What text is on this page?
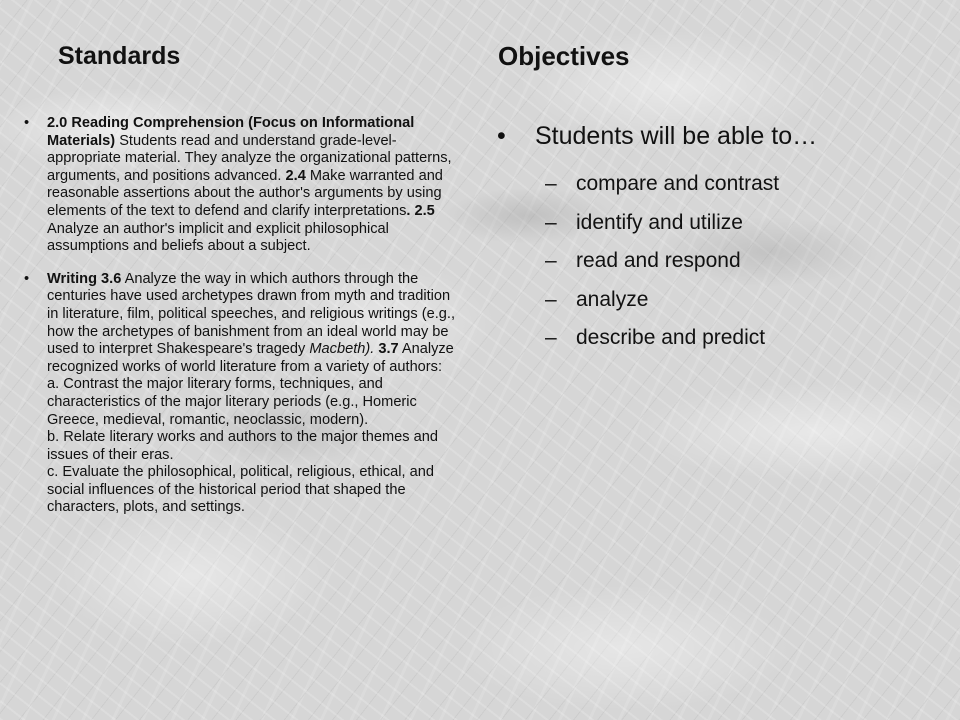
Standards
• 2.0 Reading Comprehension (Focus on Informational Materials) Students read and understand grade-level-appropriate material. They analyze the organizational patterns, arguments, and positions advanced. 2.4 Make warranted and reasonable assertions about the author's arguments by using elements of the text to defend and clarify interpretations. 2.5 Analyze an author's implicit and explicit philosophical assumptions and beliefs about a subject.
• Writing 3.6 Analyze the way in which authors through the centuries have used archetypes drawn from myth and tradition in literature, film, political speeches, and religious writings (e.g., how the archetypes of banishment from an ideal world may be used to interpret Shakespeare's tragedy Macbeth). 3.7 Analyze recognized works of world literature from a variety of authors:
a. Contrast the major literary forms, techniques, and characteristics of the major literary periods (e.g., Homeric Greece, medieval, romantic, neoclassic, modern).
b. Relate literary works and authors to the major themes and issues of their eras.
c. Evaluate the philosophical, political, religious, ethical, and social influences of the historical period that shaped the characters, plots, and settings.
Objectives

• Students will be able to…

– compare and contrast
– identify and utilize
– read and respond
– analyze
– describe and predict
